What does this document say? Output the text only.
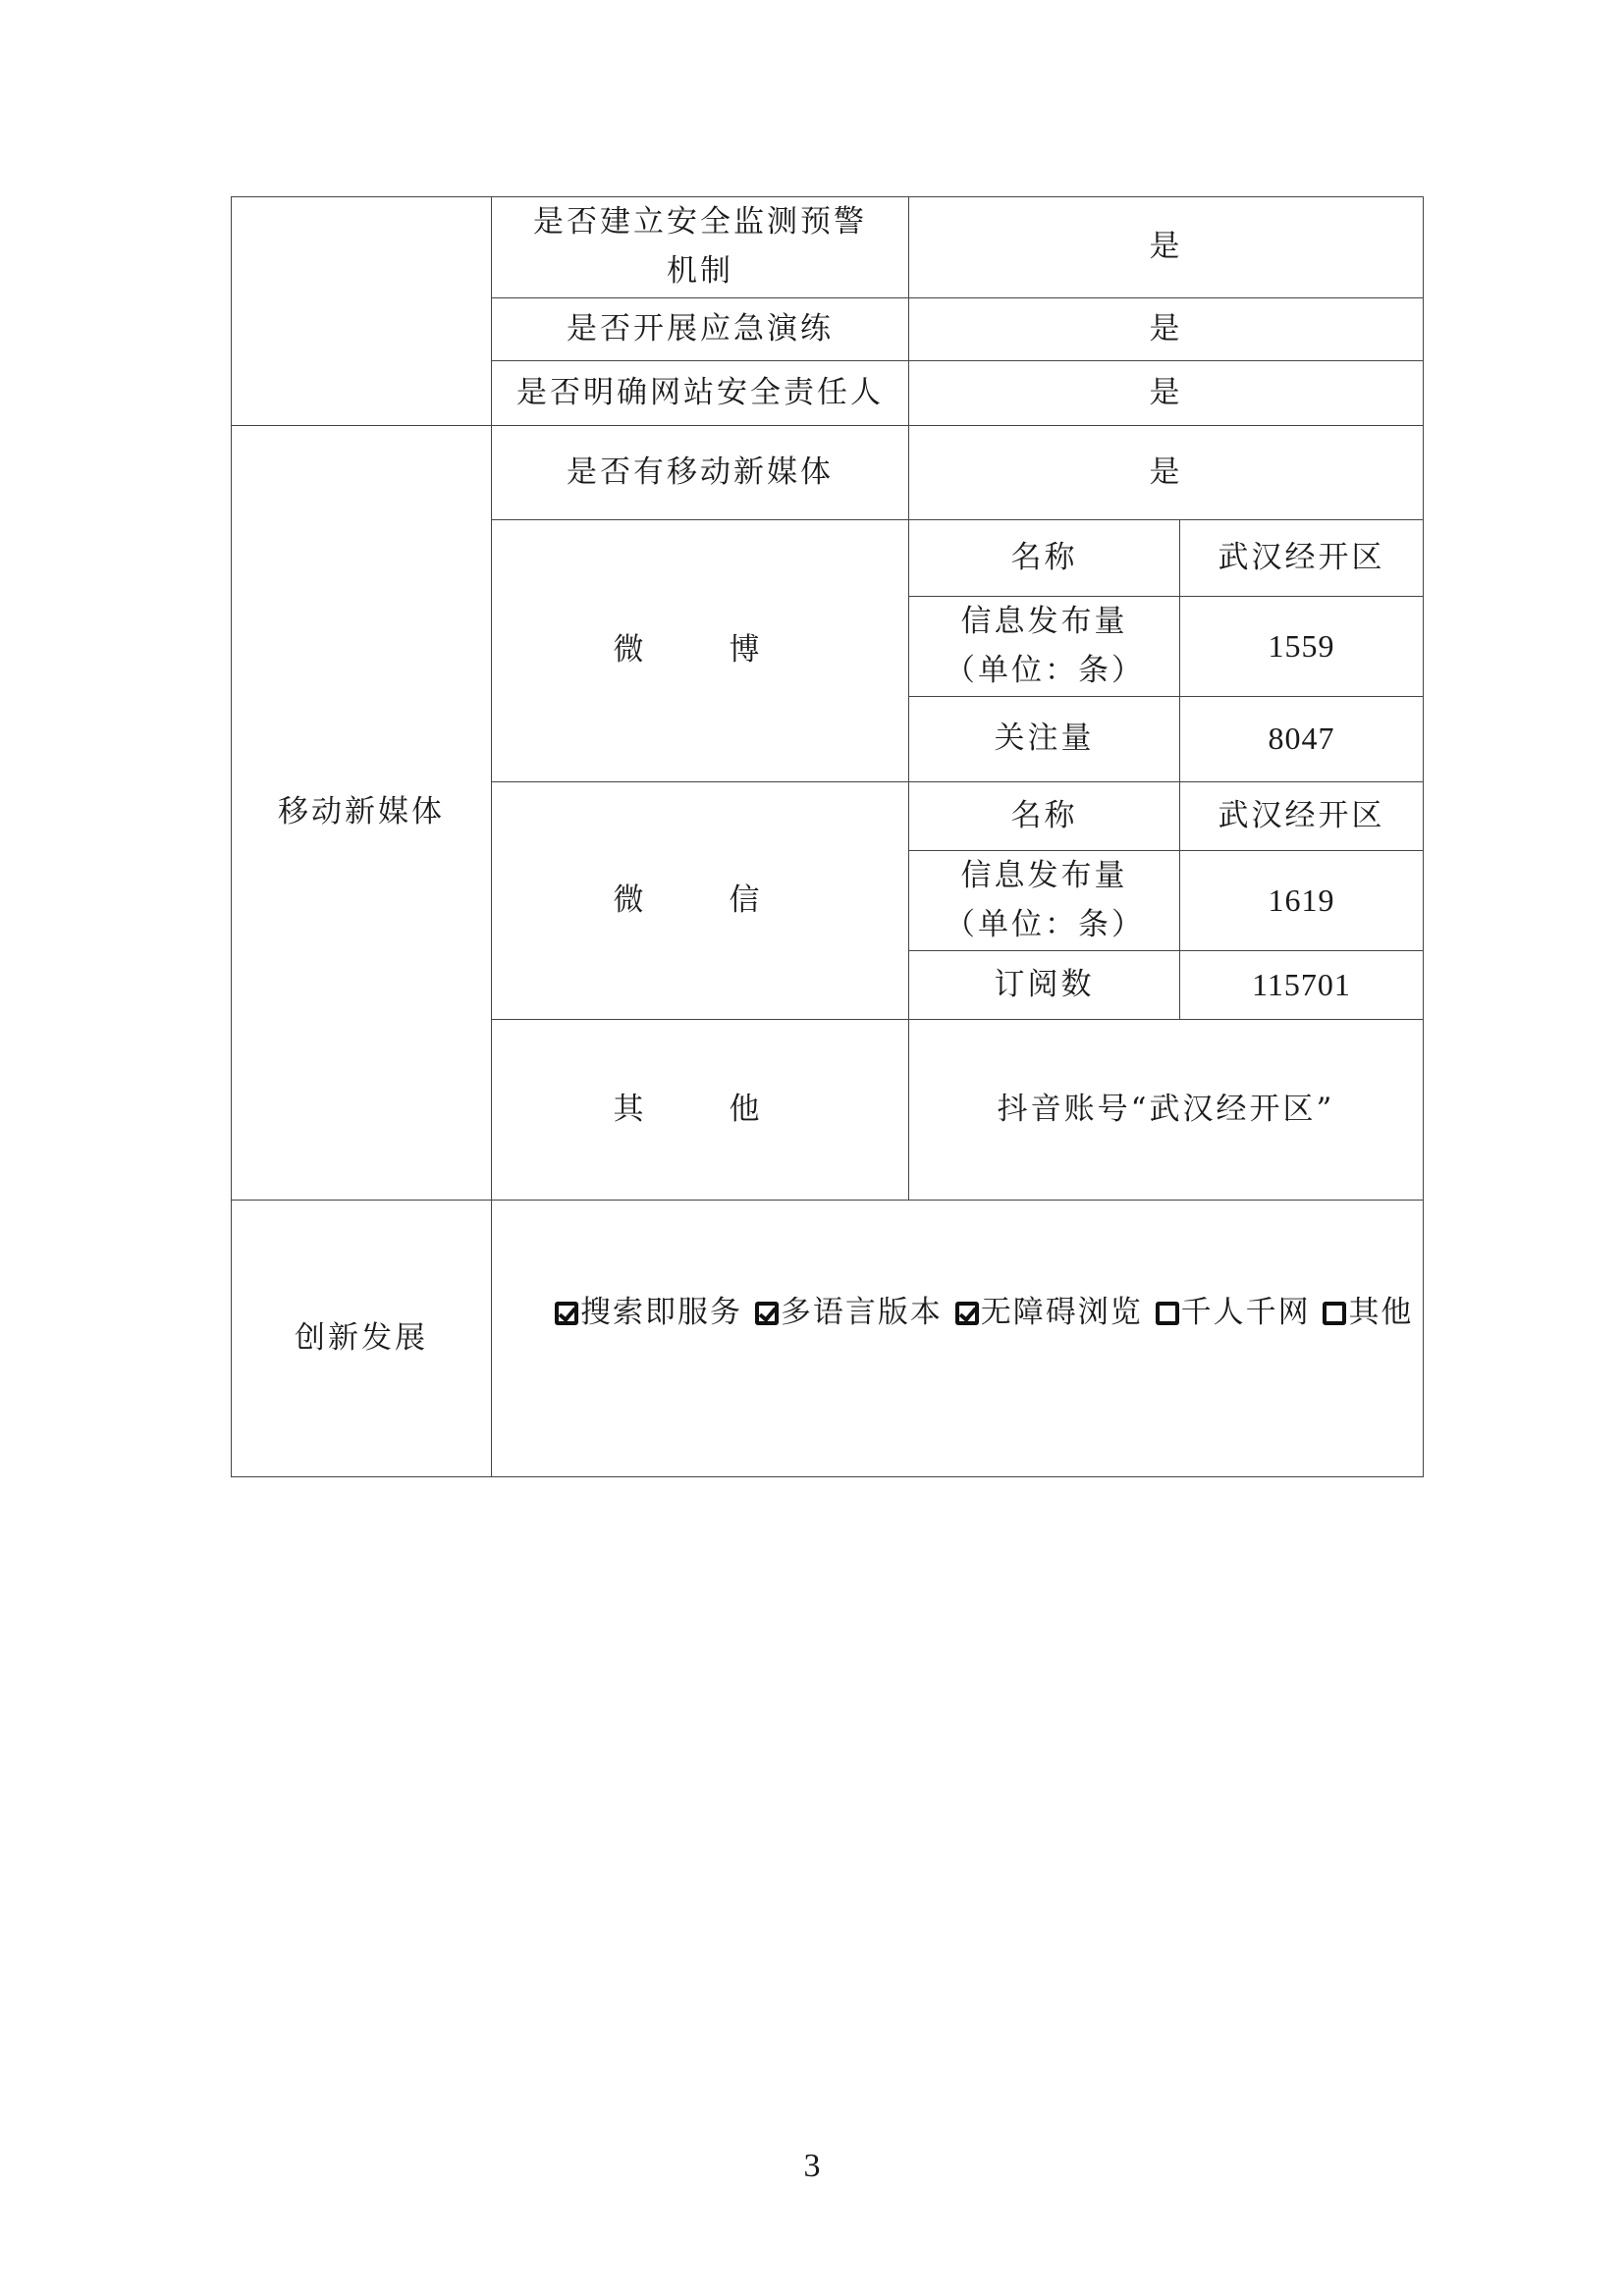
	是否建立安全监测预警机制	是	
	是否开展应急演练	是	
	是否明确网站安全责任人	是	
移动新媒体	是否有移动新媒体	是	
	微　博	名称	武汉经开区
		信息发布量（单位：条）	1559
		关注量	8047
	微　信	名称	武汉经开区
		信息发布量（单位：条）	1619
		订阅数	115701
	其　他	抖音账号“武汉经开区”	
创新发展	搜索即服务 多语言版本 无障碍浏览 千人千网 其他		
3
